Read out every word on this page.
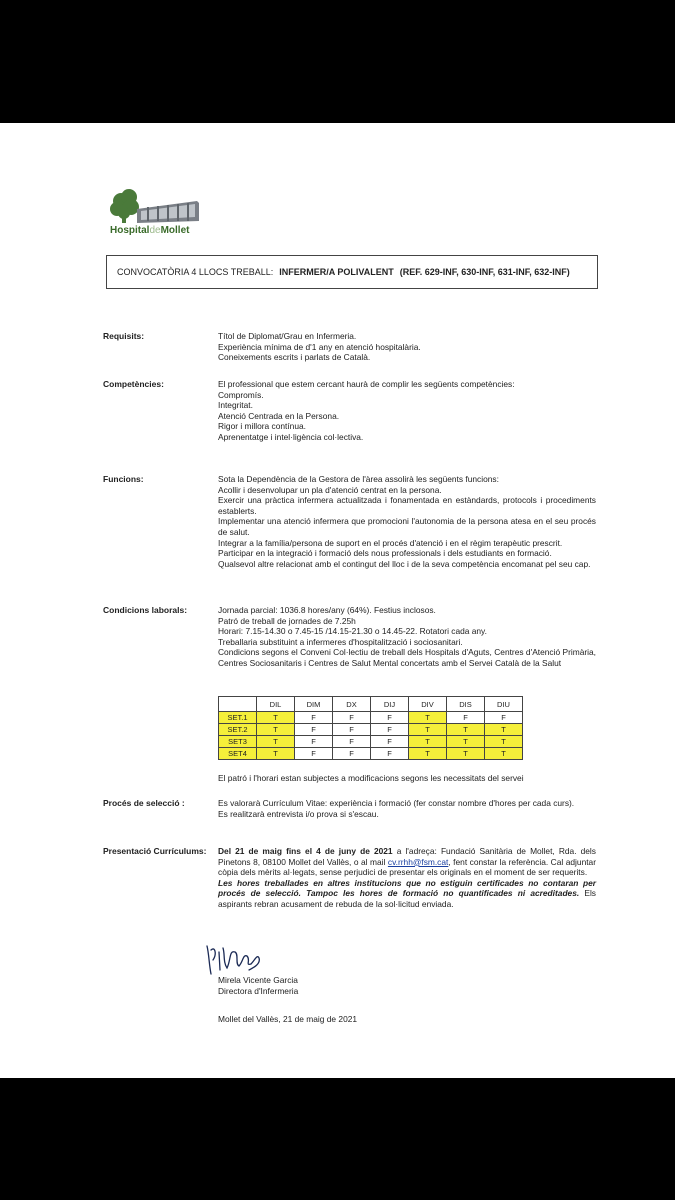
HospitaldeMollet
CONVOCATÒRIA 4 LLOCS TREBALL: INFERMER/A POLIVALENT (REF. 629-INF, 630-INF, 631-INF, 632-INF)
Requisits:	Títol de Diplomat/Grau en Infermeria.
Experiència mínima de d'1 any en atenció hospitalària.
Coneixements escrits i parlats de Català.
Competències:	El professional que estem cercant haurà de complir les següents competències:
Compromís.
Integritat.
Atenció Centrada en la Persona.
Rigor i millora contínua.
Aprenentatge i intel·ligència col·lectiva.
Funcions:	Sota la Dependència de la Gestora de l'àrea assolirà les següents funcions:
Acollir i desenvolupar un pla d'atenció centrat en la persona.
Exercir una pràctica infermera actualitzada i fonamentada en estàndards, protocols i procediments establerts.
Implementar una atenció infermera que promocioni l'autonomia de la persona atesa en el seu procés de salut.
Integrar a la família/persona de suport en el procés d'atenció i en el règim terapèutic prescrit.
Participar en la integració i formació dels nous professionals i dels estudiants en formació.
Qualsevol altre relacionat amb el contingut del lloc i de la seva competència encomanat pel seu cap.
Condicions laborals:	Jornada parcial: 1036.8 hores/any (64%). Festius inclosos.
Patró de treball de jornades de 7.25h
Horari: 7.15-14.30 o 7.45-15 /14.15-21.30 o 14.45-22. Rotatori cada any.
Treballaria substituint a infermeres d'hospitalització i sociosanitari.
Condicions segons el Conveni Col·lectiu de treball dels Hospitals d'Aguts, Centres d'Atenció Primària, Centres Sociosanitaris i Centres de Salut Mental concertats amb el Servei Català de la Salut
	DIL	DIM	DX	DIJ	DIV	DIS	DIU
SET.1	T	F	F	F	T	F	F
SET.2	T	F	F	F	T	T	T
SET3	T	F	F	F	T	T	T
SET4	T	F	F	F	T	T	T
El patró i l'horari estan subjectes a modificacions segons les necessitats del servei
Procés de selecció :	Es valorarà Currículum Vitae: experiència i formació (fer constar nombre d'hores per cada curs).
Es realitzarà entrevista i/o prova si s'escau.
Presentació Currículums: Del 21 de maig fins el 4 de juny de 2021 a l'adreça: Fundació Sanitària de Mollet, Rda. dels Pinetons 8, 08100 Mollet del Vallès, o al mail cv.rrhh@fsm.cat, fent constar la referència. Cal adjuntar còpia dels mèrits al·legats, sense perjudici de presentar els originals en el moment de ser requerits.
Les hores treballades en altres institucions que no estiguin certificades no contaran per procés de selecció. Tampoc les hores de formació no quantificades ni acreditades. Els aspirants rebran acusament de rebuda de la sol·licitud enviada.
Mirela Vicente Garcia
Directora d'Infermeria
Mollet del Vallès, 21 de maig de 2021
